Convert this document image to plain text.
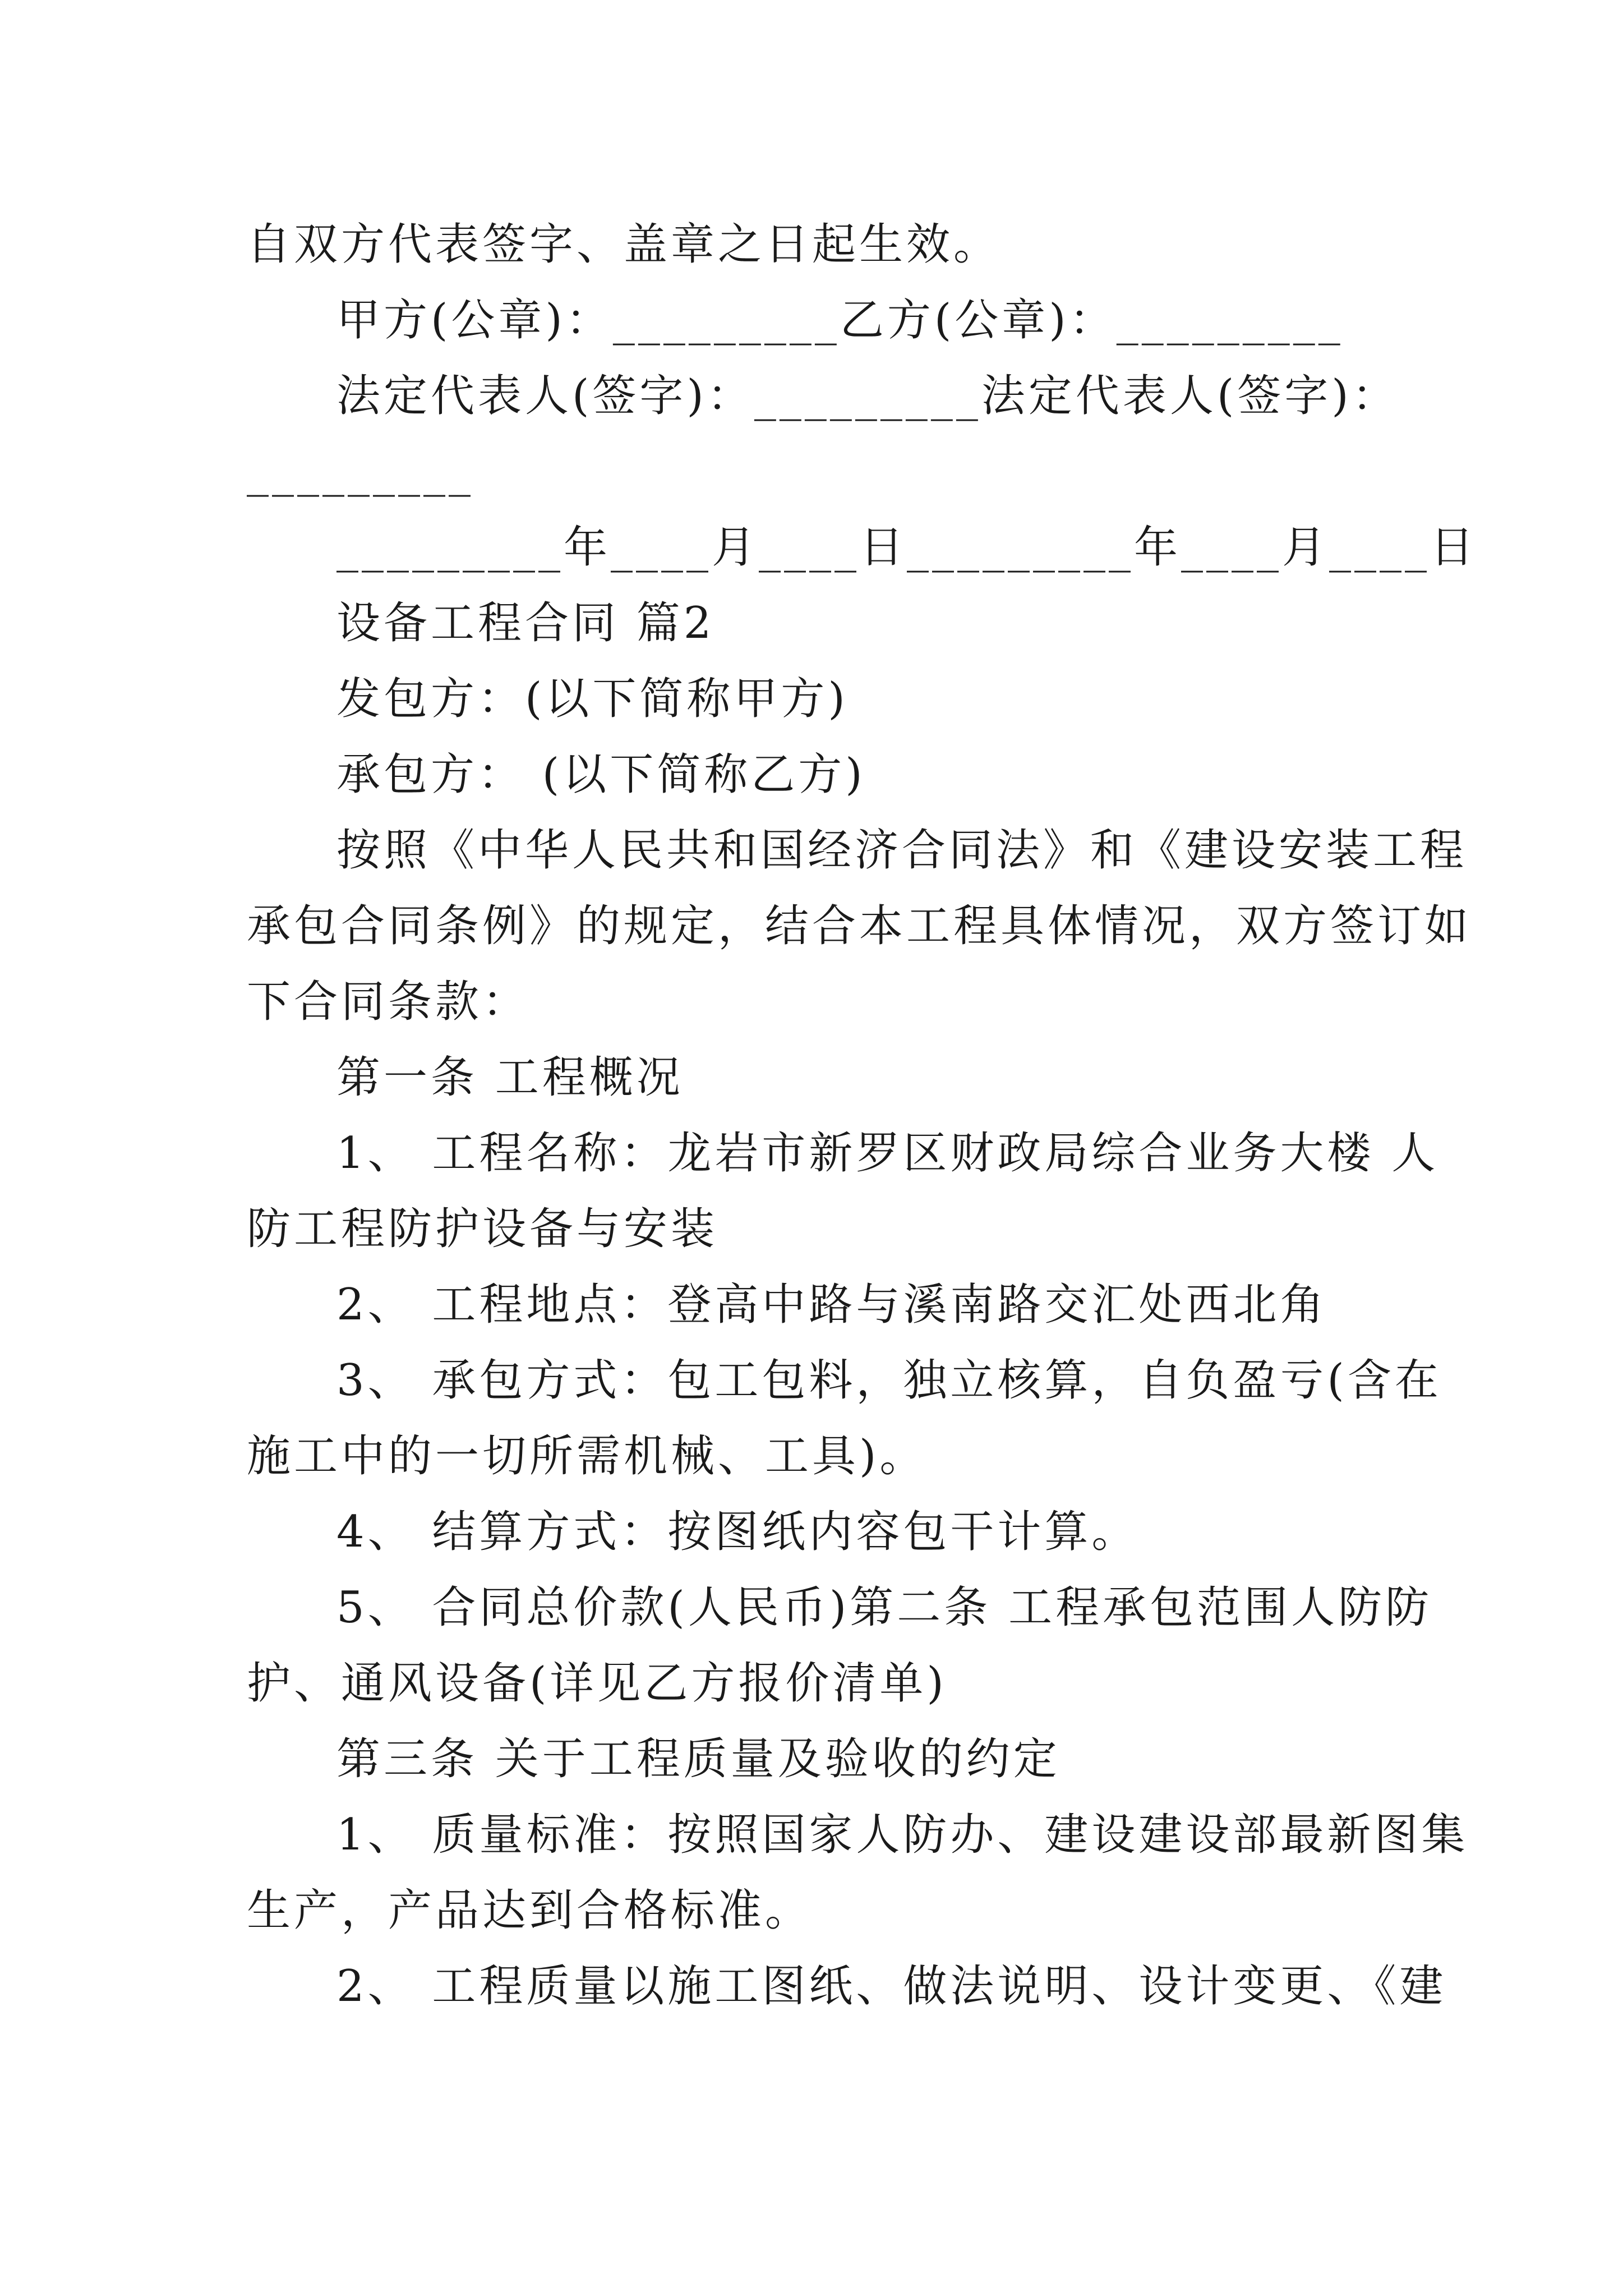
自双方代表签字、盖章之日起生效。
甲方(公章)：_________乙方(公章)：_________
法定代表人(签字)：_________法定代表人(签字)：
_________
_________年____月____日_________年____月____日
设备工程合同 篇2
发包方：(以下简称甲方)
承包方： (以下简称乙方)
按照《中华人民共和国经济合同法》和《建设安装工程
承包合同条例》的规定，结合本工程具体情况，双方签订如
下合同条款：
第一条 工程概况
1、 工程名称：龙岩市新罗区财政局综合业务大楼 人
防工程防护设备与安装
2、 工程地点：登高中路与溪南路交汇处西北角
3、 承包方式：包工包料，独立核算，自负盈亏(含在
施工中的一切所需机械、工具)。
4、 结算方式：按图纸内容包干计算。
5、 合同总价款(人民币)第二条 工程承包范围人防防
护、通风设备(详见乙方报价清单)
第三条 关于工程质量及验收的约定
1、 质量标准：按照国家人防办、建设建设部最新图集
生产，产品达到合格标准。
2、 工程质量以施工图纸、做法说明、设计变更、《建
